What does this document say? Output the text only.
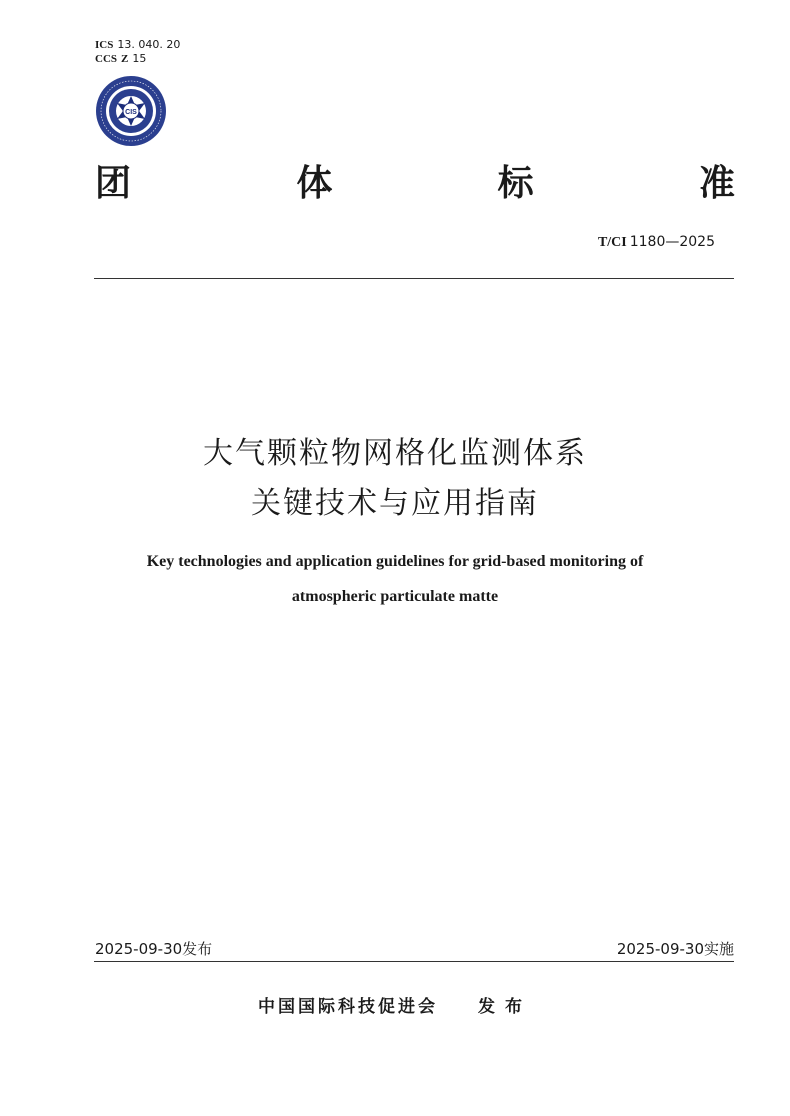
ICS 13. 040. 20
CCS Z 15
CIS
团	体	标	准
T/CI 1180—2025
大气颗粒物网格化监测体系
关键技术与应用指南
Key technologies and application guidelines for grid-based monitoring of
atmospheric particulate matte
2025-09-30发布	2025-09-30实施
中国国际科技促进会 发布
